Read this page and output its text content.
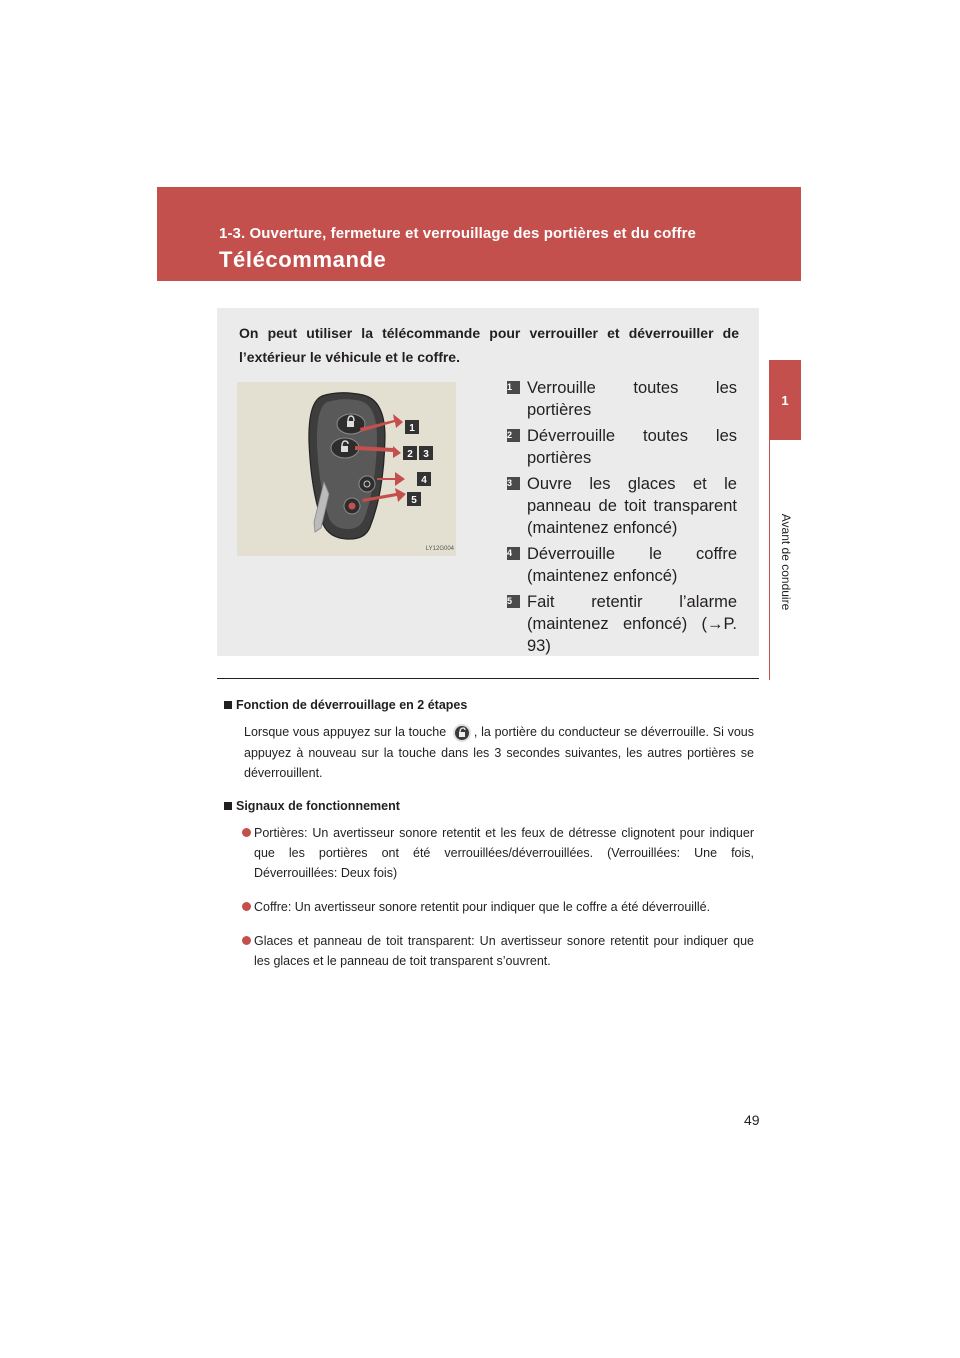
1-3. Ouverture, fermeture et verrouillage des portières et du coffre
Télécommande
1
Avant de conduire
On peut utiliser la télécommande pour verrouiller et déverrouiller de l’extérieur le véhicule et le coffre.
1
2 3
4
5
LY12G004
1 Verrouille toutes les portières
2 Déverrouille toutes les portières
3 Ouvre les glaces et le panneau de toit transparent (maintenez enfoncé)
4 Déverrouille le coffre (maintenez enfoncé)
5 Fait retentir l’alarme (maintenez enfoncé) (→P. 93)
Fonction de déverrouillage en 2 étapes

Lorsque vous appuyez sur la touche , la portière du conducteur se déverrouille. Si vous appuyez à nouveau sur la touche dans les 3 secondes suivantes, les autres portières se déverrouillent.

Signaux de fonctionnement
Portières: Un avertisseur sonore retentit et les feux de détresse clignotent pour indiquer que les portières ont été verrouillées/déverrouillées. (Verrouillées: Une fois, Déverrouillées: Deux fois)
Coffre: Un avertisseur sonore retentit pour indiquer que le coffre a été déverrouillé.
Glaces et panneau de toit transparent: Un avertisseur sonore retentit pour indiquer que les glaces et le panneau de toit transparent s’ouvrent.
49
